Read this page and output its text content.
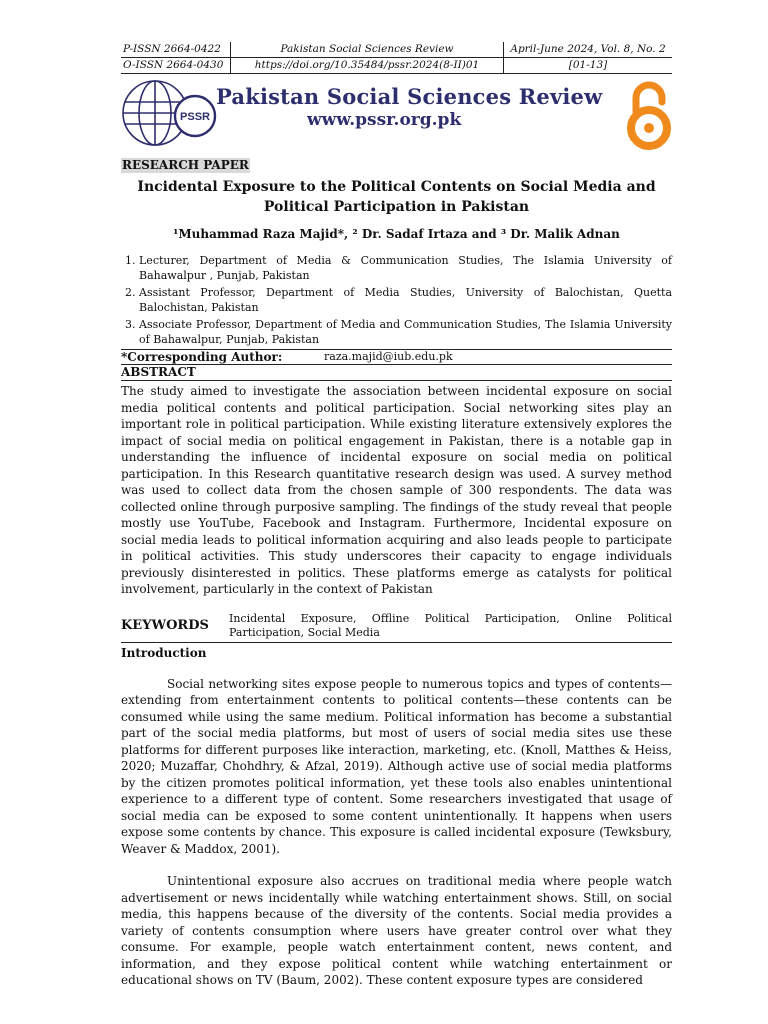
P-ISSN 2664-0422	Pakistan Social Sciences Review	April-June 2024, Vol. 8, No. 2
O-ISSN 2664-0430	https://doi.org/10.35484/pssr.2024(8-II)01	[01-13]
PSSR
Pakistan Social Sciences Review
www.pssr.org.pk
RESEARCH PAPER
Incidental Exposure to the Political Contents on Social Media and
Political Participation in Pakistan
¹Muhammad Raza Majid*, ² Dr. Sadaf Irtaza and ³ Dr. Malik Adnan
1. Lecturer, Department of Media & Communication Studies, The Islamia University of Bahawalpur , Punjab, Pakistan
2. Assistant Professor, Department of Media Studies, University of Balochistan, Quetta Balochistan, Pakistan
3. Associate Professor, Department of Media and Communication Studies, The Islamia University of Bahawalpur, Punjab, Pakistan
*Corresponding Author:	raza.majid@iub.edu.pk
ABSTRACT

The study aimed to investigate the association between incidental exposure on social media political contents and political participation. Social networking sites play an important role in political participation. While existing literature extensively explores the impact of social media on political engagement in Pakistan, there is a notable gap in understanding the influence of incidental exposure on social media on political participation. In this Research quantitative research design was used. A survey method was used to collect data from the chosen sample of 300 respondents. The data was collected online through purposive sampling. The findings of the study reveal that people mostly use YouTube, Facebook and Instagram. Furthermore, Incidental exposure on social media leads to political information acquiring and also leads people to participate in political activities. This study underscores their capacity to engage individuals previously disinterested in politics. These platforms emerge as catalysts for political involvement, particularly in the context of Pakistan

KEYWORDS	Incidental Exposure, Offline Political Participation, Online Political Participation, Social Media
Introduction

Social networking sites expose people to numerous topics and types of contents—extending from entertainment contents to political contents—these contents can be consumed while using the same medium. Political information has become a substantial part of the social media platforms, but most of users of social media sites use these platforms for different purposes like interaction, marketing, etc. (Knoll, Matthes & Heiss, 2020; Muzaffar, Chohdhry, & Afzal, 2019). Although active use of social media platforms by the citizen promotes political information, yet these tools also enables unintentional experience to a different type of content. Some researchers investigated that usage of social media can be exposed to some content unintentionally. It happens when users expose some contents by chance. This exposure is called incidental exposure (Tewksbury, Weaver & Maddox, 2001).

Unintentional exposure also accrues on traditional media where people watch advertisement or news incidentally while watching entertainment shows. Still, on social media, this happens because of the diversity of the contents. Social media provides a variety of contents consumption where users have greater control over what they consume. For example, people watch entertainment content, news content, and information, and they expose political content while watching entertainment or educational shows on TV (Baum, 2002). These content exposure types are considered
